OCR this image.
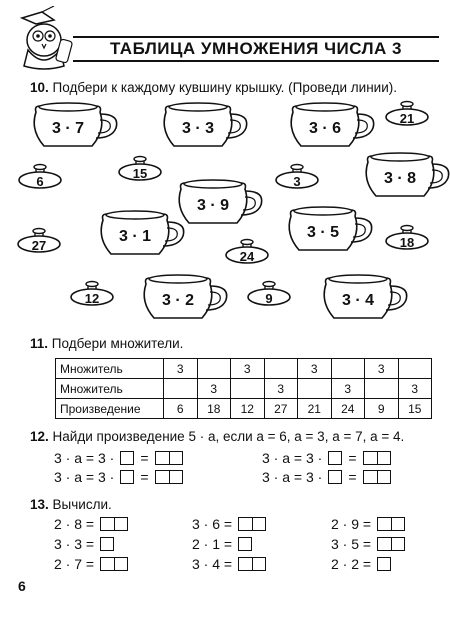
ТАБЛИЦА УМНОЖЕНИЯ ЧИСЛА 3
10. Подбери к каждому кувшину крышку. (Проведи линии).
3 · 7	3 · 3	3 · 6
3 · 8
3 · 9
3 · 1	3 · 5
3 · 2	3 · 4
21
6
15
3
27
24
18
12	9
11. Подбери множители.
Множитель	3		3		3		3	
Множитель		3		3		3		3
Произведение	6	18	12	27	21	24	9	15
12. Найди произведение 5 · а, если а = 6, а = 3, а = 7, а = 4.
3 · а = 3 · =	3 · а = 3 · =
3 · а = 3 · =	3 · а = 3 · =
13. Вычисли.
2 · 8 =
3 · 3 =
2 · 7 =
3 · 6 =
2 · 1 =
3 · 4 =
2 · 9 =
3 · 5 =
2 · 2 =
6
